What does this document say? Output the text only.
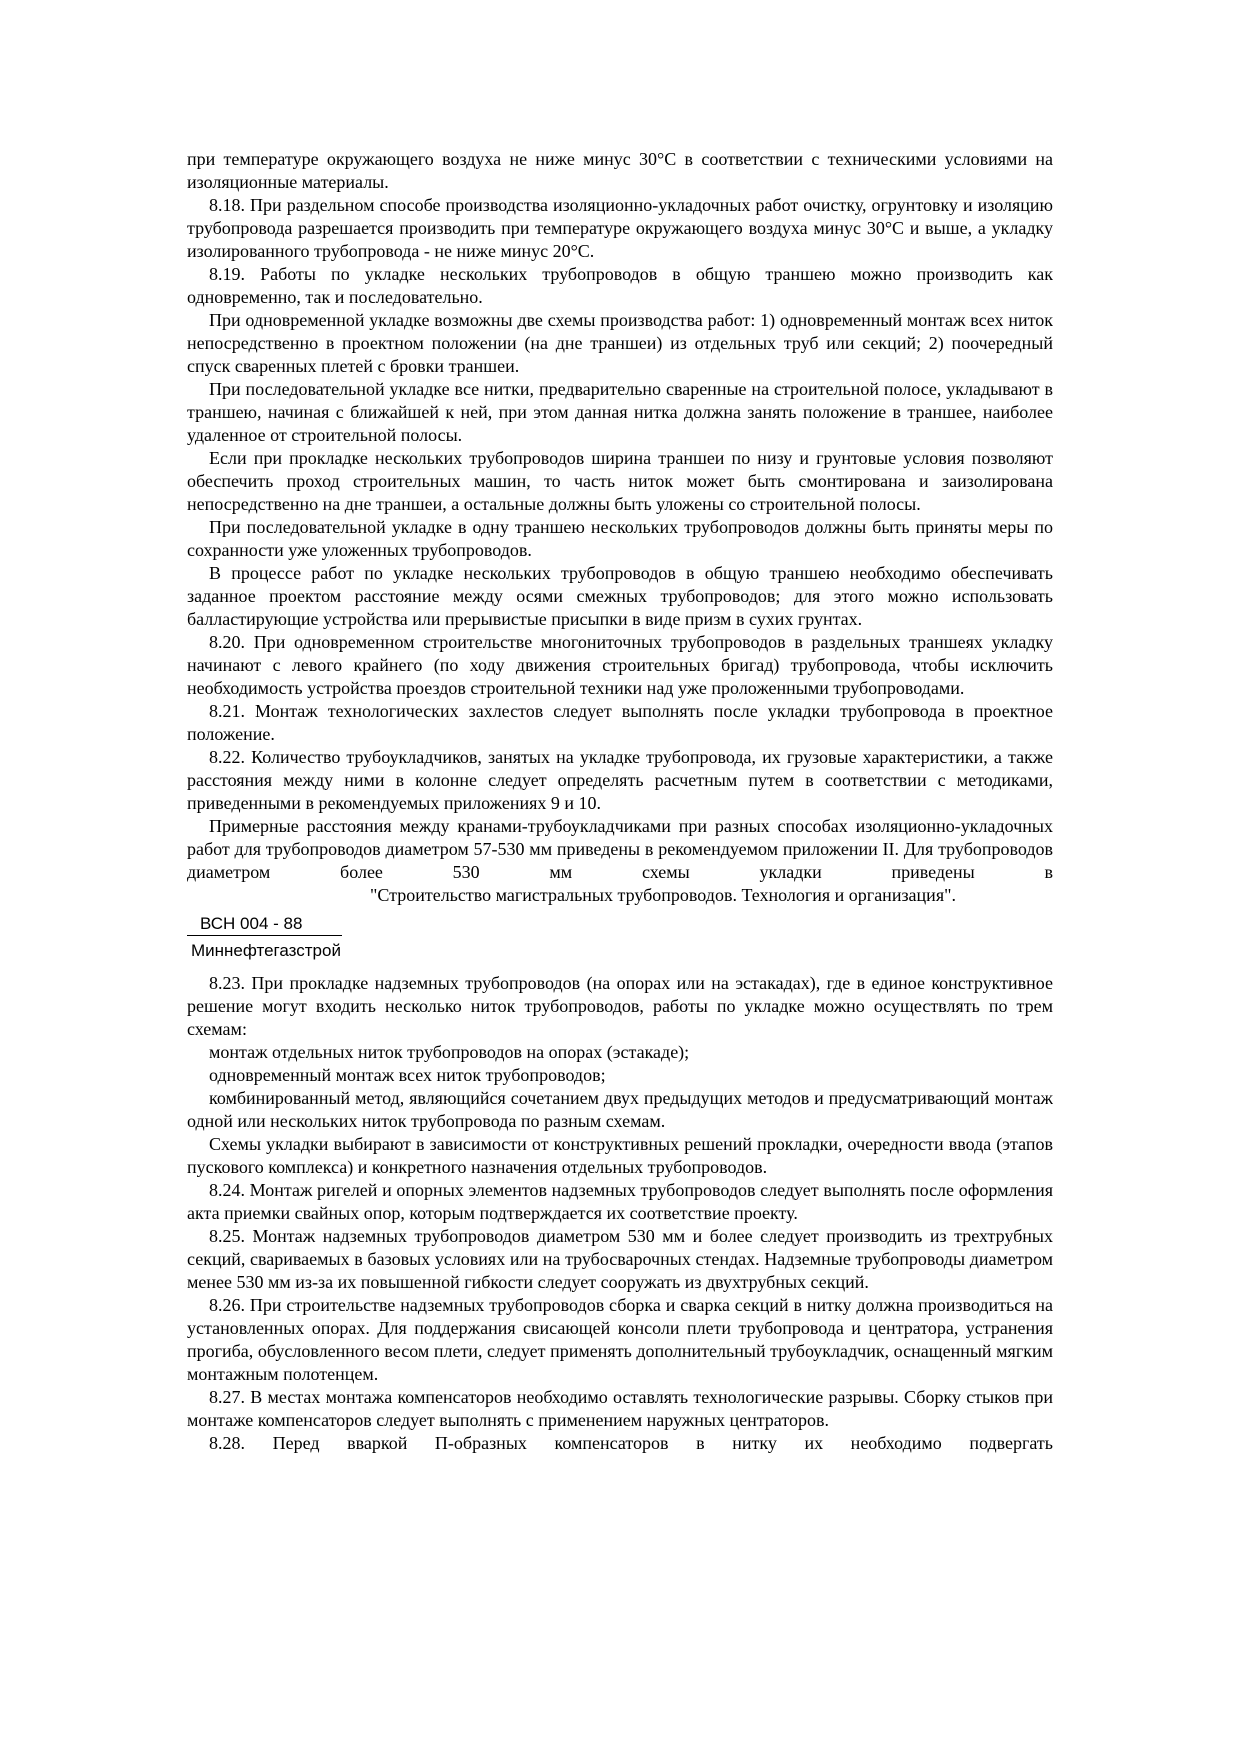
при температуре окружающего воздуха не ниже минус 30°С в соответствии с техническими условиями на изоляционные материалы.

8.18. При раздельном способе производства изоляционно-укладочных работ очистку, огрунтовку и изоляцию трубопровода разрешается производить при температуре окружающего воздуха минус 30°С и выше, а укладку изолированного трубопровода - не ниже минус 20°С.

8.19. Работы по укладке нескольких трубопроводов в общую траншею можно производить как одновременно, так и последовательно.

При одновременной укладке возможны две схемы производства работ: 1) одновременный монтаж всех ниток непосредственно в проектном положении (на дне траншеи) из отдельных труб или секций; 2) поочередный спуск сваренных плетей с бровки траншеи.

При последовательной укладке все нитки, предварительно сваренные на строительной полосе, укладывают в траншею, начиная с ближайшей к ней, при этом данная нитка должна занять положение в траншее, наиболее удаленное от строительной полосы.

Если при прокладке нескольких трубопроводов ширина траншеи по низу и грунтовые условия позволяют обеспечить проход строительных машин, то часть ниток может быть смонтирована и заизолирована непосредственно на дне траншеи, а остальные должны быть уложены со строительной полосы.

При последовательной укладке в одну траншею нескольких трубопроводов должны быть приняты меры по сохранности уже уложенных трубопроводов.

В процессе работ по укладке нескольких трубопроводов в общую траншею необходимо обеспечивать заданное проектом расстояние между осями смежных трубопроводов; для этого можно использовать балластирующие устройства или прерывистые присыпки в виде призм в сухих грунтах.

8.20. При одновременном строительстве многониточных трубопроводов в раздельных траншеях укладку начинают с левого крайнего (по ходу движения строительных бригад) трубопровода, чтобы исключить необходимость устройства проездов строительной техники над уже проложенными трубопроводами.

8.21. Монтаж технологических захлестов следует выполнять после укладки трубопровода в проектное положение.

8.22. Количество трубоукладчиков, занятых на укладке трубопровода, их грузовые характеристики, а также расстояния между ними в колонне следует определять расчетным путем в соответствии с методиками, приведенными в рекомендуемых приложениях 9 и 10.

Примерные расстояния между кранами-трубоукладчиками при разных способах изоляционно-укладочных работ для трубопроводов диаметром 57-530 мм приведены в рекомендуемом приложении II. Для трубопроводов диаметром более 530 мм схемы укладки приведены в

"Строительство магистральных трубопроводов. Технология и организация".

ВСН 004 - 88
Миннефтегазстрой

8.23. При прокладке надземных трубопроводов (на опорах или на эстакадах), где в единое конструктивное решение могут входить несколько ниток трубопроводов, работы по укладке можно осуществлять по трем схемам:

монтаж отдельных ниток трубопроводов на опорах (эстакаде);

одновременный монтаж всех ниток трубопроводов;

комбинированный метод, являющийся сочетанием двух предыдущих методов и предусматривающий монтаж одной или нескольких ниток трубопровода по разным схемам.

Схемы укладки выбирают в зависимости от конструктивных решений прокладки, очередности ввода (этапов пускового комплекса) и конкретного назначения отдельных трубопроводов.

8.24. Монтаж ригелей и опорных элементов надземных трубопроводов следует выполнять после оформления акта приемки свайных опор, которым подтверждается их соответствие проекту.

8.25. Монтаж надземных трубопроводов диаметром 530 мм и более следует производить из трехтрубных секций, свариваемых в базовых условиях или на трубосварочных стендах. Надземные трубопроводы диаметром менее 530 мм из-за их повышенной гибкости следует сооружать из двухтрубных секций.

8.26. При строительстве надземных трубопроводов сборка и сварка секций в нитку должна производиться на установленных опорах. Для поддержания свисающей консоли плети трубопровода и центратора, устранения прогиба, обусловленного весом плети, следует применять дополнительный трубоукладчик, оснащенный мягким монтажным полотенцем.

8.27. В местах монтажа компенсаторов необходимо оставлять технологические разрывы. Сборку стыков при монтаже компенсаторов следует выполнять с применением наружных центраторов.

8.28. Перед вваркой П-образных компенсаторов в нитку их необходимо подвергать
